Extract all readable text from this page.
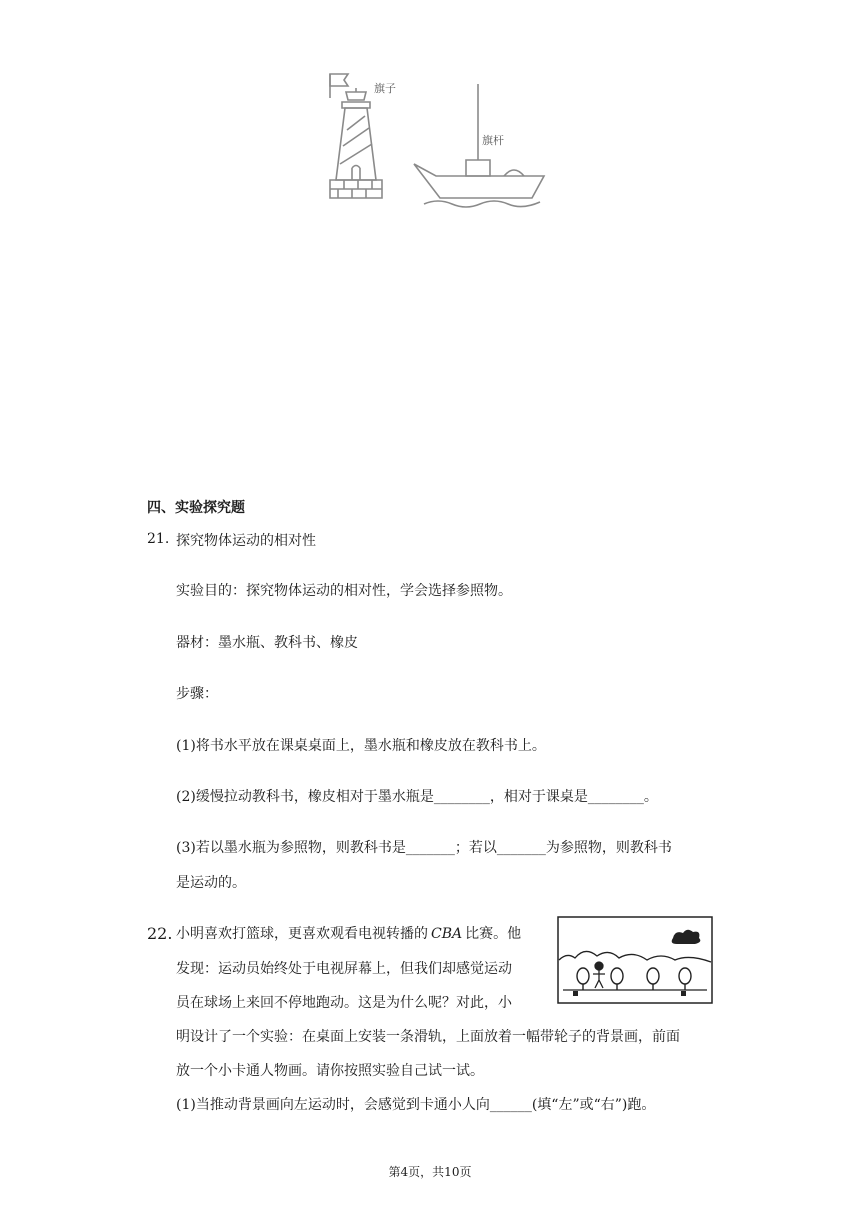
旗子
旗杆
四、实验探究题
21. 探究物体运动的相对性
实验目的：探究物体运动的相对性，学会选择参照物。
器材：墨水瓶、教科书、橡皮
步骤：
(1)将书水平放在课桌桌面上，墨水瓶和橡皮放在教科书上。
(2)缓慢拉动教科书，橡皮相对于墨水瓶是________，相对于课桌是________。
(3)若以墨水瓶为参照物，则教科书是_______；若以_______为参照物，则教科书
是运动的。
22. 小明喜欢打篮球，更喜欢观看电视转播的 CBA 比赛。他
发现：运动员始终处于电视屏幕上，但我们却感觉运动
员在球场上来回不停地跑动。这是为什么呢？对此，小
明设计了一个实验：在桌面上安装一条滑轨，上面放着一幅带轮子的背景画，前面
放一个小卡通人物画。请你按照实验自己试一试。
(1)当推动背景画向左运动时，会感觉到卡通小人向______(填“左”或“右”)跑。
第4页，共10页
